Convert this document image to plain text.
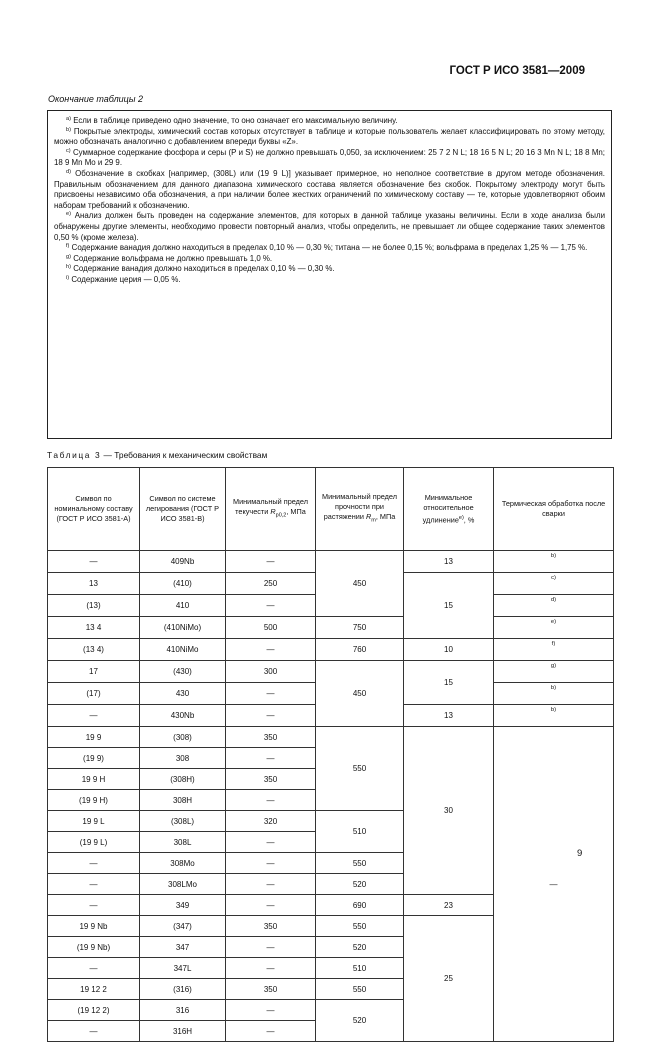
ГОСТ Р ИСО 3581—2009
Окончание таблицы 2

$^{a)}$ Если в таблице приведено одно значение, то оно означает его максимальную величину.

$^{b)}$ Покрытые электроды, химический состав которых отсутствует в таблице и которые пользователь желает классифицировать по этому методу, можно обозначать аналогично с добавлением впереди буквы «Z».

$^{c)}$ Суммарное содержание фосфора и серы (P и S) не должно превышать 0,050, за исключением: 25 7 2 N L; 18 16 5 N L; 20 16 3 Mn N L; 18 8 Mn; 18 9 Mn Mo и 29 9.

$^{d)}$ Обозначение в скобках [например, (308L) или (19 9 L)] указывает примерное, но неполное соответствие в другом методе обозначения. Правильным обозначением для данного диапазона химического состава является обозначение без скобок. Покрытому электроду могут быть присвоены независимо оба обозначения, а при наличии более жестких ограничений по химическому составу — те, которые удовлетворяют обоим наборам требований к обозначению.

$^{e)}$ Анализ должен быть проведен на содержание элементов, для которых в данной таблице указаны величины. Если в ходе анализа были обнаружены другие элементы, необходимо провести повторный анализ, чтобы определить, не превышает ли общее содержание таких элементов 0,50 % (кроме железа).

$^{f)}$ Содержание ванадия должно находиться в пределах 0,10 % — 0,30 %; титана — не более 0,15 %; вольфрама в пределах 1,25 % — 1,75 %.

$^{g)}$ Содержание вольфрама не должно превышать 1,0 %.

$^{h)}$ Содержание ванадия должно находиться в пределах 0,10 % — 0,30 %.

$^{i)}$ Содержание церия — 0,05 %.

Таблица 3 — Требования к механическим свойствам
Символ по номинальному составу (ГОСТ Р ИСО 3581-А)	Символ по системе легирования (ГОСТ Р ИСО 3581-В)	Минимальный предел текучести $R_{p0,2}$, МПа	Минимальный предел прочности при растяжении $R_m$, МПа	Минимальное относительное удлинение$^{e)}$, %	Термическая обработка после сварки
—	409Nb	—	450	13	b)
13	(410)	250		15	c)
(13)	410	—			d)
13 4	(410NiMo)	500	750		e)
(13 4)	410NiMo	—	760	10	f)
17	(430)	300	450	15	g)
(17)	430	—			b)
—	430Nb	—		13	b)
19 9	(308)	350	550	30	—
(19 9)	308	—			
19 9 H	(308H)	350			
(19 9 H)	308H	—			
19 9 L	(308L)	320	510		
(19 9 L)	308L	—			
—	308Mo	—	550		
—	308LMo	—	520		
—	349	—	690	23	
19 9 Nb	(347)	350	550	25	
(19 9 Nb)	347	—	520		
—	347L	—	510		
19 12 2	(316)	350	550		
(19 12 2)	316	—	520		
—	316H	—			
9
